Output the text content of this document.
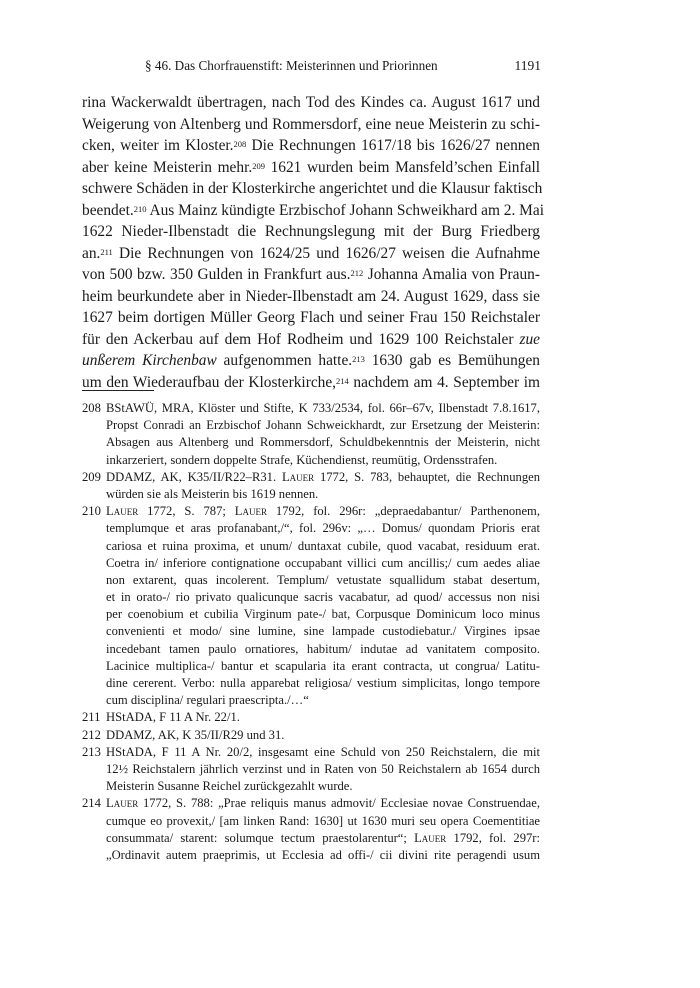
§ 46. Das Chorfrauenstift: Meisterinnen und Priorinnen	1191
rina Wackerwaldt übertragen, nach Tod des Kindes ca. August 1617 und
Weigerung von Altenberg und Rommersdorf, eine neue Meisterin zu schi-
cken, weiter im Kloster.$^{208}$ Die Rechnungen 1617/18 bis 1626/27 nennen
aber keine Meisterin mehr.$^{209}$ 1621 wurden beim Mansfeld’schen Einfall
schwere Schäden in der Klosterkirche angerichtet und die Klausur faktisch
beendet.$^{210}$ Aus Mainz kündigte Erzbischof Johann Schweikhard am 2. Mai
1622 Nieder-Ilbenstadt die Rechnungslegung mit der Burg Friedberg
an.$^{211}$ Die Rechnungen von 1624/25 und 1626/27 weisen die Aufnahme
von 500 bzw. 350 Gulden in Frankfurt aus.$^{212}$ Johanna Amalia von Praun-
heim beurkundete aber in Nieder-Ilbenstadt am 24. August 1629, dass sie
1627 beim dortigen Müller Georg Flach und seiner Frau 150 Reichstaler
für den Ackerbau auf dem Hof Rodheim und 1629 100 Reichstaler zue
unßerem Kirchenbaw aufgenommen hatte.$^{213}$ 1630 gab es Bemühungen
um den Wiederaufbau der Klosterkirche,$^{214}$ nachdem am 4. September im
208 BStAWÜ, MRA, Klöster und Stifte, K 733/2534, fol. 66r–67v, Ilbenstadt 7.8.1617,
Propst Conradi an Erzbischof Johann Schweickhardt, zur Ersetzung der Meisterin:
Absagen aus Altenberg und Rommersdorf, Schuldbekenntnis der Meisterin, nicht
inkarzeriert, sondern doppelte Strafe, Küchendienst, reumütig, Ordensstrafen.
209 DDAMZ, AK, K35/II/R22–R31. Lauer 1772, S. 783, behauptet, die Rechnungen
würden sie als Meisterin bis 1619 nennen.
210 Lauer 1772, S. 787; Lauer 1792, fol. 296r: „depraedabantur/ Parthenonem,
templumque et aras profanabant,/“, fol. 296v: „… Domus/ quondam Prioris erat
cariosa et ruina proxima, et unum/ duntaxat cubile, quod vacabat, residuum erat.
Coetra in/ inferiore contignatione occupabant villici cum ancillis;/ cum aedes aliae
non extarent, quas incolerent. Templum/ vetustate squallidum stabat desertum,
et in orato-/ rio privato qualicunque sacris vacabatur, ad quod/ accessus non nisi
per coenobium et cubilia Virginum pate-/ bat, Corpusque Dominicum loco minus
convenienti et modo/ sine lumine, sine lampade custodiebatur./ Virgines ipsae
incedebant tamen paulo ornatiores, habitum/ indutae ad vanitatem composito.
Lacinice multiplica-/ bantur et scapularia ita erant contracta, ut congrua/ Latitu-
dine cererent. Verbo: nulla apparebat religiosa/ vestium simplicitas, longo tempore
cum disciplina/ regulari praescripta./…“
211 HStADA, F 11 A Nr. 22/1.
212 DDAMZ, AK, K 35/II/R29 und 31.
213 HStADA, F 11 A Nr. 20/2, insgesamt eine Schuld von 250 Reichstalern, die mit
12½ Reichstalern jährlich verzinst und in Raten von 50 Reichstalern ab 1654 durch
Meisterin Susanne Reichel zurückgezahlt wurde.
214 Lauer 1772, S. 788: „Prae reliquis manus admovit/ Ecclesiae novae Construendae,
cumque eo provexit,/ [am linken Rand: 1630] ut 1630 muri seu opera Coementitiae
consummata/ starent: solumque tectum praestolarentur“; Lauer 1792, fol. 297r:
„Ordinavit autem praeprimis, ut Ecclesia ad offi-/ cii divini rite peragendi usum
